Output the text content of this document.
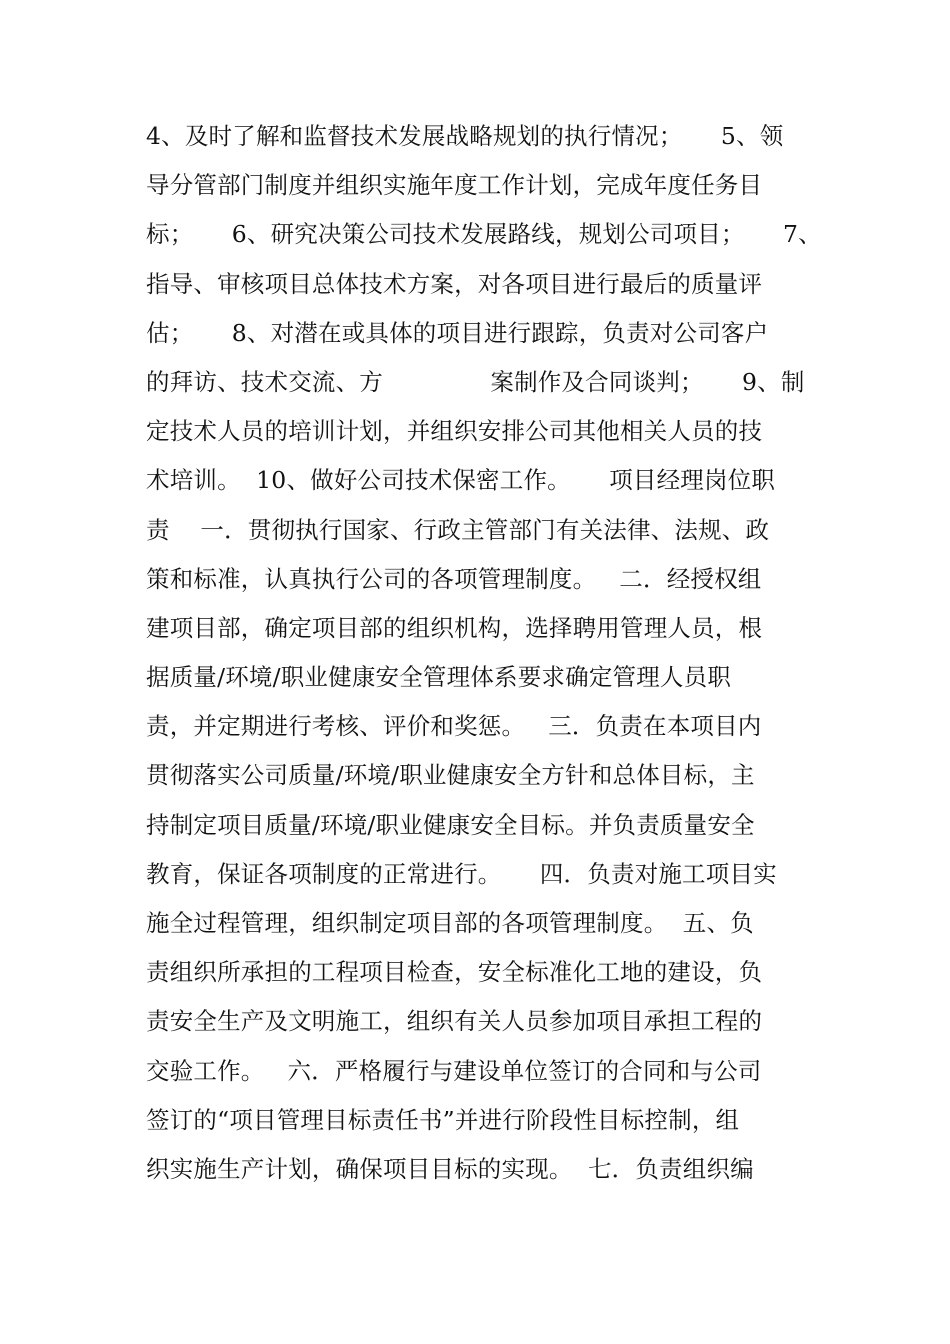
4、及时了解和监督技术发展战略规划的执行情况；     5、领
导分管部门制度并组织实施年度工作计划，完成年度任务目
标；     6、研究决策公司技术发展路线，规划公司项目；     7、
指导、审核项目总体技术方案，对各项目进行最后的质量评
估；     8、对潜在或具体的项目进行跟踪，负责对公司客户
的拜访、技术交流、方              案制作及合同谈判；     9、制
定技术人员的培训计划，并组织安排公司其他相关人员的技
术培训。  10、做好公司技术保密工作。     项目经理岗位职
责    一．贯彻执行国家、行政主管部门有关法律、法规、政
策和标准，认真执行公司的各项管理制度。   二．经授权组
建项目部，确定项目部的组织机构，选择聘用管理人员，根
据质量/环境/职业健康安全管理体系要求确定管理人员职
责，并定期进行考核、评价和奖惩。   三．负责在本项目内
贯彻落实公司质量/环境/职业健康安全方针和总体目标，主
持制定项目质量/环境/职业健康安全目标。并负责质量安全
教育，保证各项制度的正常进行。     四．负责对施工项目实
施全过程管理，组织制定项目部的各项管理制度。  五、负
责组织所承担的工程项目检查，安全标准化工地的建设，负
责安全生产及文明施工，组织有关人员参加项目承担工程的
交验工作。   六．严格履行与建设单位签订的合同和与公司
签订的“项目管理目标责任书”并进行阶段性目标控制，组
织实施生产计划，确保项目目标的实现。  七．负责组织编
